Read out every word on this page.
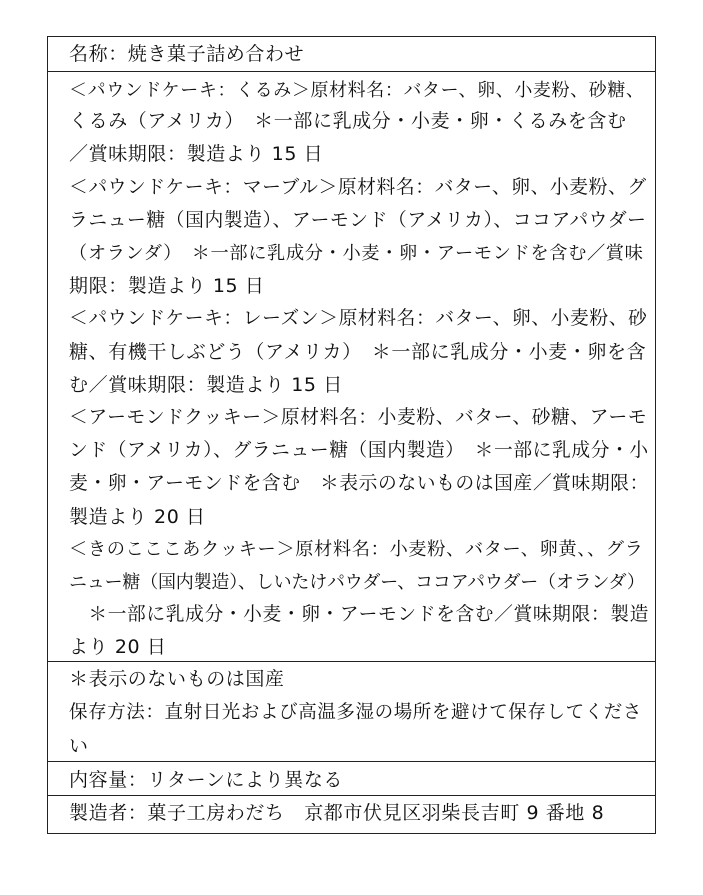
名称：焼き菓子詰め合わせ
＜パウンドケーキ：くるみ＞原材料名：バター、卵、小麦粉、砂糖、
くるみ（アメリカ）　＊一部に乳成分・小麦・卵・くるみを含む
／賞味期限：製造より 15 日
＜パウンドケーキ：マーブル＞原材料名：バター、卵、小麦粉、グ
ラニュー糖（国内製造）、アーモンド（アメリカ）、ココアパウダー
（オランダ）　＊一部に乳成分・小麦・卵・アーモンドを含む／賞味
期限：製造より 15 日
＜パウンドケーキ：レーズン＞原材料名：バター、卵、小麦粉、砂
糖、有機干しぶどう（アメリカ）　＊一部に乳成分・小麦・卵を含
む／賞味期限：製造より 15 日
＜アーモンドクッキー＞原材料名：小麦粉、バター、砂糖、アーモ
ンド（アメリカ）、グラニュー糖（国内製造）　＊一部に乳成分・小
麦・卵・アーモンドを含む　＊表示のないものは国産／賞味期限：
製造より 20 日
＜きのこここあクッキー＞原材料名：小麦粉、バター、卵黄、、グラ
ニュー糖（国内製造）、しいたけパウダー、ココアパウダー（オランダ）
　＊一部に乳成分・小麦・卵・アーモンドを含む／賞味期限：製造
より 20 日
＊表示のないものは国産
保存方法：直射日光および高温多湿の場所を避けて保存してくださ
い
内容量：リターンにより異なる
製造者：菓子工房わだち　京都市伏見区羽柴長吉町 9 番地 8
